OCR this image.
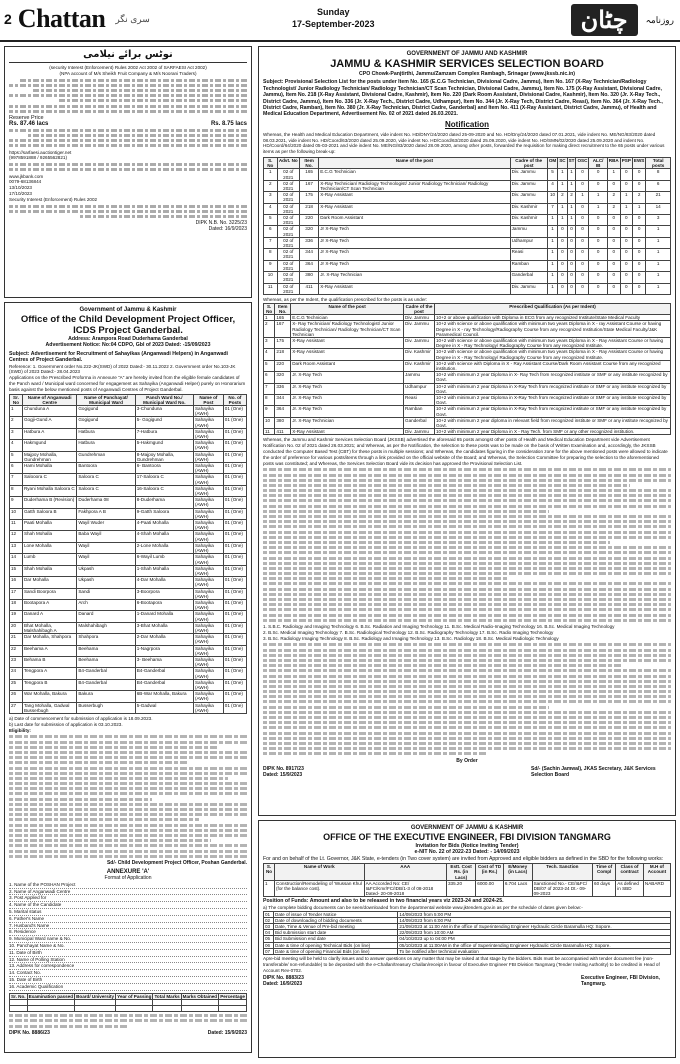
2 Chattan سری نگر
Sunday
17-September-2023	چٹان	روزنامہ
نوٹس برائے نیلامی
(security Interest (Enforcement) Rules 2002 Act 2002 of SARFAESI Act 2002)
(NPA account of M/s Sheikh Fruit Company & M/s Noorani Traders)
Reserve Price
Rs. 87.46 lacs	Rs. 8.75 lacs
https://sarfaesi.auctiontiger.net
(9978591888 / 9265562821)
www.jkbank.com
0079-68136844
13/10/2023
17/10/2023
Security Interest (Enforcement) Rules 2002
DIPK N.B. No. 3225/23
Dated: 16/9/2023
Government of Jammu & Kashmir
Office of the Child Development Project Officer, ICDS Project Ganderbal.
Address: Arampora Road Duderhama Ganderbal
Advertisement Notice: No:04 CDPO, Gbl of 2023 Dated: -15/09/2023
Subject: Advertisement for Recruitment of Sahayikas (Anganwadi Helpers) in Anganwadi Centres of Project Ganderbal.
Reference: 1. Government order No.222-JK(SWD) of 2022 Dated:- 30.11.2022 2. Government order No.103-JK (SWD) of 2023 Dated:- 28.04.2023
Applications on the Prescribed Proforma in Annexure "A" are hereby invited from the eligible female candidates of the Panch ward / Municipal ward concerned for engagement as Sahayika (Anganwadi Helper) purely on Honorarium basis against the below mentioned posts of Anganwadi Centres of Project Ganderbal.
Sr. No	Name of Anganwadi Centre	Name of Panchayat/ Municipal Ward	Panch Ward No./ Municipal Ward No.	Name of Post	No. of Posts
1	Chunduna A	Gogigund	3-Chunduna	Sahayika (AWH)	01 (One)
2	Gogji-Gund A	Gogigund	5- Gogigund	Sahayika (AWH)	01 (One)
3	Hatbura A	Hatbura	7-Hatbura	Sahayika (AWH)	01 (One)
4	Hakmgund	Hatbura	5-Hakmgund	Sahayika (AWH)	01 (One)
5	Majpoy Mohalla, Gundrehman	Gundrehman	8-Majpoy Mohalla, Gundrehman	Sahayika (AWH)	01 (One)
6	Hami Mohalla	Bantoora	6- Bantoora	Sahayika (AWH)	01 (One)
7	Salooora C	Saloora C	17-Saloora C	Sahayika (AWH)	01 (One)
8	Ryani Mohalla Saloora C	Saloora C	16-Saloora C	Sahayika (AWH)	01 (One)
9	Duderhama B (Revision)	Duderhama 08	8-Duderhama	Sahayika (AWH)	01 (One)
10	Gatth Saloora B	Fakhpora A B	9-Gatth Saloora	Sahayika (AWH)	01 (One)
11	Paati Mohalla	Wayil Wuder	4-Paati Mohalla	Sahayika (AWH)	01 (One)
12	Shah Mohalla	Baba Wayil	4-Shah Mohalla	Sahayika (AWH)	01 (One)
13	Lone Mohalla	Wayil	2-Lone Mohalla	Sahayika (AWH)	01 (One)
14	Lumb	Wayil	6-Wayil Lumb	Sahayika (AWH)	01 (One)
15	Shah Mohalla	Ukpash	1-Shah Mohalla	Sahayika (AWH)	01 (One)
16	Dar Mohalla	Ukpash	4-Dar Mohalla	Sahayika (AWH)	01 (One)
17	Sandi Boorpora	Sandi	3-Boorpora	Sahayika (AWH)	01 (One)
18	Bootapora A	Arch	6-Bootapora	Sahayika (AWH)	01 (One)
19	Danard A	Danard	1-Danard Mohalla	Sahayika (AWH)	01 (One)
20	Bhat Mohalla, Malshahibagh A	Malshahibagh	3-Bhat Mohalla	Sahayika (AWH)	01 (One)
21	Dar Mohalla, Shahpora	Shahpora	2-Dar Mohalla	Sahayika (AWH)	01 (One)
22	Beehama A	Beehama	1-Nagrpora	Sahayika (AWH)	01 (One)
23	Behama B	Beehama	3- Beehama	Sahayika (AWH)	01 (One)
24	Tengpora A	B4-Ganderbal	B4-Ganderbal	Sahayika (AWH)	01 (One)
25	Tengpora B	B4-Ganderbal	B4-Ganderbal	Sahayika (AWH)	01 (One)
26	War Mohalla, Bakura	Bakura	6B-War Mohalla, Bakura	Sahayika (AWH)	01 (One)
27	Tang Mohalla, Gadwal Busserbugh	Busserbugh	5-Gadwal	Sahayika (AWH)	01 (One)
a) Date of commencement for submission of application is 18.09.2023.
b) Last date for submission of application is 03.10.2023.
Eligibility:
Sd/- Child Development Project Officer, Poshan Ganderbal.
ANNEXURE 'A'
Format of Application
1. Name of the POSHAN Project
2. Name of Anganwadi Centre
3. Post Applied for
4. Name of the Candidate
5. Marital status
6. Father's Name
7. Husband's Name
8. Residence
9. Municipal Ward name & No.
10. Panchayat Name & No.
11. Date of Birth
12. Name of Polling Station
13. Address for correspondence
14. Contact No.
15. Date of Birth
16. Academic Qualification
Sr. No.	Examination passed	Board/ University	Year of Passing	Total Marks	Marks Obtained	Percentage

DIPK No. 8886/23	Dated: 15/9/2023
GOVERNMENT OF JAMMU AND KASHMIR
JAMMU & KASHMIR SERVICES SELECTION BOARD
CPO Chowk-Panjtirthi, Jammu/Zamzam Complex Rambagh, Srinagar (www.jkssb.nic.in)
Subject: Provisional Selection List for the posts under Item No. 165 (E.C.G Technician, Divisional Cadre, Jammu), Item No. 167 (X-Ray Technician/Radiology Technologist/ Junior Radiology Technician/ Radiology Technician/CT Scan Technician, Divisional Cadre, Jammu), Item No. 175 (X-Ray Assistant, Divisional Cadre, Jammu), Item No. 218 (X-Ray Assistant, Divisional Cadre, Kashmir), Item No. 220 (Dark Room Assistant, Divisional Cadre, Kashmir), Item No. 320 (Jr. X-Ray Tech., District Cadre, Jammu), Item No. 336 (Jr. X-Ray Tech., District Cadre, Udhampur), Item No. 344 (Jr. X-Ray Tech, District Cadre, Reasi), Item No. 364 (Jr. X-Ray Tech., District Cadre, Ramban), Item No. 380 (Jr. X-Ray Technician, District Cadre, Ganderbal) and Item No. 411 (X-Ray Assistant, District Cadre, Jammu), of Health and Medical Education Department, Advertisement No. 02 of 2021 dated 26.03.2021.
Notification
Whereas, the Health and Medical Education Department, vide indent No. HD/DNY/24/2020 dated 25-09-2020 and No. HD/Dny/24/2020 dated 07.01.2021, vide indent No. ME/NG/83/2020 dated 08.03.2021, vide indent No. HD/Coord/63/2020 dated 25.09.2020, vide indent No. HD/Coord/63/2020 dated 25.09.2020, vide indent No. HD/SMN/02/2020 dated 25.09.2020 and indent No. HD/Coord/64/2020 dated 05-03-2021 and vide indent No. ME/NG/83/2020 dated 28.09.2020, among other posts, forwarded the requisition for making direct recruitment to the 65 posts under various items as per the following break-up:
S. No	Advt. No	Item No.	Name of the post	Cadre of the post	OM	SC	ST	OSC	ALC/ IB	RBA	PSP	EWS	Total posts
1	02 of 2021	165	E.C.G Technician	Div. Jammu	5	1	1	0	0	1	0	0	8
2	02 of 2021	167	X-Ray Technician/ Radiology Technologist/ Junior Radiology Technician/ Radiology Technician/CT Scan Technician	Div. Jammu	4	1	1	0	0	0	0	0	6
3	02 of 2021	175	X-Ray Assistant	Div. Jammu	10	2	2	1	1	2	1	2	21
4	02 of 2021	218	X-Ray Assistant	Div. Kashmir	7	1	1	0	1	2	1	1	14
5	02 of 2021	220	Dark Room Assistant	Div. Kashmir	1	1	1	0	0	0	0	0	3
6	02 of 2021	320	Jr X-Ray Tech	Jammu	1	0	0	0	0	0	0	0	1
7	02 of 2021	336	Jr X-Ray Tech	Udhampur	1	0	0	0	0	0	0	0	1
8	02 of 2021	344	Jr X-Ray Tech	Reasi	1	0	0	0	0	0	0	0	1
9	02 of 2021	364	Jr X-Ray Tech	Ramban	1	0	0	0	0	0	0	0	1
10	02 of 2021	380	Jr. X-Ray Technician	Ganderbal	1	0	0	0	0	0	0	0	1
11	02 of 2021	411	X-Ray Assistant	Div. Jammu	1	0	0	0	0	0	0	0	1
Whereas, as per the Indent, the qualification prescribed for the posts is as under:
S. No	Item No.	Name of the post	Cadre of the post	Prescribed Qualification (As per Indent)
1	165	E.C.G Technician	Div. Jammu	10+2 or above qualification with Diploma in ECG from any recognized Institute/State Medical Faculty
2	167	X- Ray Technician/ Radiology Technologist/ Junior Radiology Technician/ Radiology Technician/CT Scan Technician	Div. Jammu	10+2 with science or above qualification with minimum two years Diploma in X - ray Assistant Course or having Degree in X - ray Technology/Radiography Course from any recognized Institution/State Medical Faculty/J&K Paramedical Council.
3	175	X-Ray Assistant	Div. Jammu	10+2 with science or above qualification with minimum two years Diploma in X - Ray Assistant Course or having Degree in X - Ray Technology/ Radiography Course from any recognized Institute.
4	218	X-Ray Assistant	Div. Kashmir	10+2 with science or above qualification with minimum two years Diploma in X - Ray Assistant Course or having Degree in X - Ray Technology/ Radiography Course from any recognized Institute.
5	220	Dark Room Assistant	Div. Kashmir	10+2 with science with Diploma in X - Ray Assistant Course/Dark Room Assistant Course from any recognized institution.
6	320	Jr. X-Ray Tech	Jammu	10+2 with minimum 2 year Diploma in X- Ray Tech from recognized institute or SMF or any institute recognized by Govt.
7	336	Jr. X-Ray Tech	Udhampur	10+2 with minimum 2 year Diploma in X-Ray Tech from recognized institute or SMF or any institute recognized by Govt.
8	344	Jr. X-Ray Tech	Reasi	10+2 with minimum 2 year Diploma in X-Ray Tech from recognized institute or SMF or any institute recognized by Govt.
9	364	Jr. X-Ray Tech	Ramban	10+2 with minimum 2 year Diploma in X-Ray Tech from recognized institute or SMF or any institute recognized by Govt.
10	380	Jr. X-Ray Technician	Ganderbal	10+2 with minimum 2 year diploma in relevant field from recognized institute or SMF or any institute recognized by Govt.
11	411	X-Ray Assistant	Div. Jammu	10+2 with minimum 2 year Diploma in X - Ray Tech. from SMF or any other recognized institution.
Whereas, the Jammu and Kashmir Services Selection Board (JKSSB) advertised the aforesaid 65 posts amongst other posts of Health and Medical Education Department vide Advertisement Notification No. 02 of 2021 dated 26.03.2021; and Whereas, as per the Notification, the selection to these posts was to be made on the basis of Written Examination and, accordingly, the JKSSB conducted the Computer Based Test (CBT) for these posts in multiple sessions; and Whereas, the candidates figuring in the consideration zone for the above mentioned posts were allowed to indicate the order of preference for various posts/items through a link provided on the official website of the Board; and Whereas, the Selection Committee for preparing the selection to the aforementioned posts was constituted; and Whereas, the Services Selection Board vide its decision has approved the Provisional Selection List.
1. S.B.C. Radiology and Imaging Technology 6. B.Sc. Radiation and Imaging Technology 11. B.Sc. Medical Radio-Imaging Technology 16. B.Sc. Medical Imaging Technology
2. B.Sc. Medical Imaging Technology 7. B.Sc. Radiological Technology 12. B.Sc. Radiography Technology 17. B.Sc. Radio Imaging Technology
3. B.Sc. Radiology Imaging Technology 8. B.Sc. Radiology and Imaging Technology 13. B.Sc. Radiology 18. B.Sc. Medical Radiologic Technology
By Order
DIPK No. 8917/23
Dated: 15/9/2023
Sd/- (Sachin Jamwal), JKAS Secretary, J&K Services Selection Board
GOVERNMENT OF JAMMU & KASHMIR
OFFICE OF THE EXECUTIVE ENGINEER, FBI DIVISION TANGMARG
Invitation for Bids (Notice Inviting Tender)
e-NIT No. 22 of 2022-23 Dated: - 14/09/2023
For and on behalf of the Lt. Governor, J&K State, e-tenders (in Two cover system) are invited from Approved and eligible bidders as defined in the SBD for the following works:
S. No	Name of Work	AAA	Estt. Cost Rs. (in Lacs)	Cost of TD (in Rs.)	E/Money (in Lacs)	Tech. Sanction	Time of Compl	Class of contract	M.H of Account
1	Construction/Remodeling of 'Wussan Khul (for the balance cost).	AA Accorded No: CE/ I&FC/Kmr/FC/IDB/1-3 of 08-2018 Dated- 20-09-2018	335.20	6000.00	6.704 Lacs	Sanctioned No.- CE/I&FC/ DB/07 of 2023-24 Dt.- 09-09-2023	60 days	As defined in SBD	NABARD
Position of Funds: Amount and also to be released in two financial years viz 2023-24 and 2024-25.
a) The complete bidding documents can be seen/downloaded from the departmental website www.jktenders.gov.in as per the schedule of dates given below:-
01	Date of issue of Tender Notice	14/09/2023 from 5:00 PM
02	Date of downloading of bidding documents	14/09/2023 from 6:00 PM
03	Date, Time & Venue of Pre-bid meeting	21/09/2023 at 11:00 AM in the office of Superintending Engineer Hydraulic Circle Baramulla HQ: Sopore.
04	Bid submission start date	22/09/2023 from 10:00 AM
05	Bid Submission end date	04/10/2023 up to 04:00 PM
06	Date & time of opening Technical Bids (on line)	05/10/2023 at 11:00AM in the office of Superintending Engineer Hydraulic Circle Baramulla HQ: Sopore.
07	Date & time of opening Financial Bids (on line)	To be notified after technical evaluation
Apre-bid meeting will be held to clarify issues and to answer questions on any matter that may be raised at that stage by the bidders. Bids must be accompanied with tender document fee (non-transferable/ non-refundable) to be deposited with the e-Challan/treasury Challan/receipt in favour of Executive Engineer FBI Division Tangmarg (Tender Inviting Authority) to be credited in Head of Account Rev-0702.
DIPK No. 8883/23
Dated: 16/9/2023
Executive Engineer, FBI Division, Tangmarg.
